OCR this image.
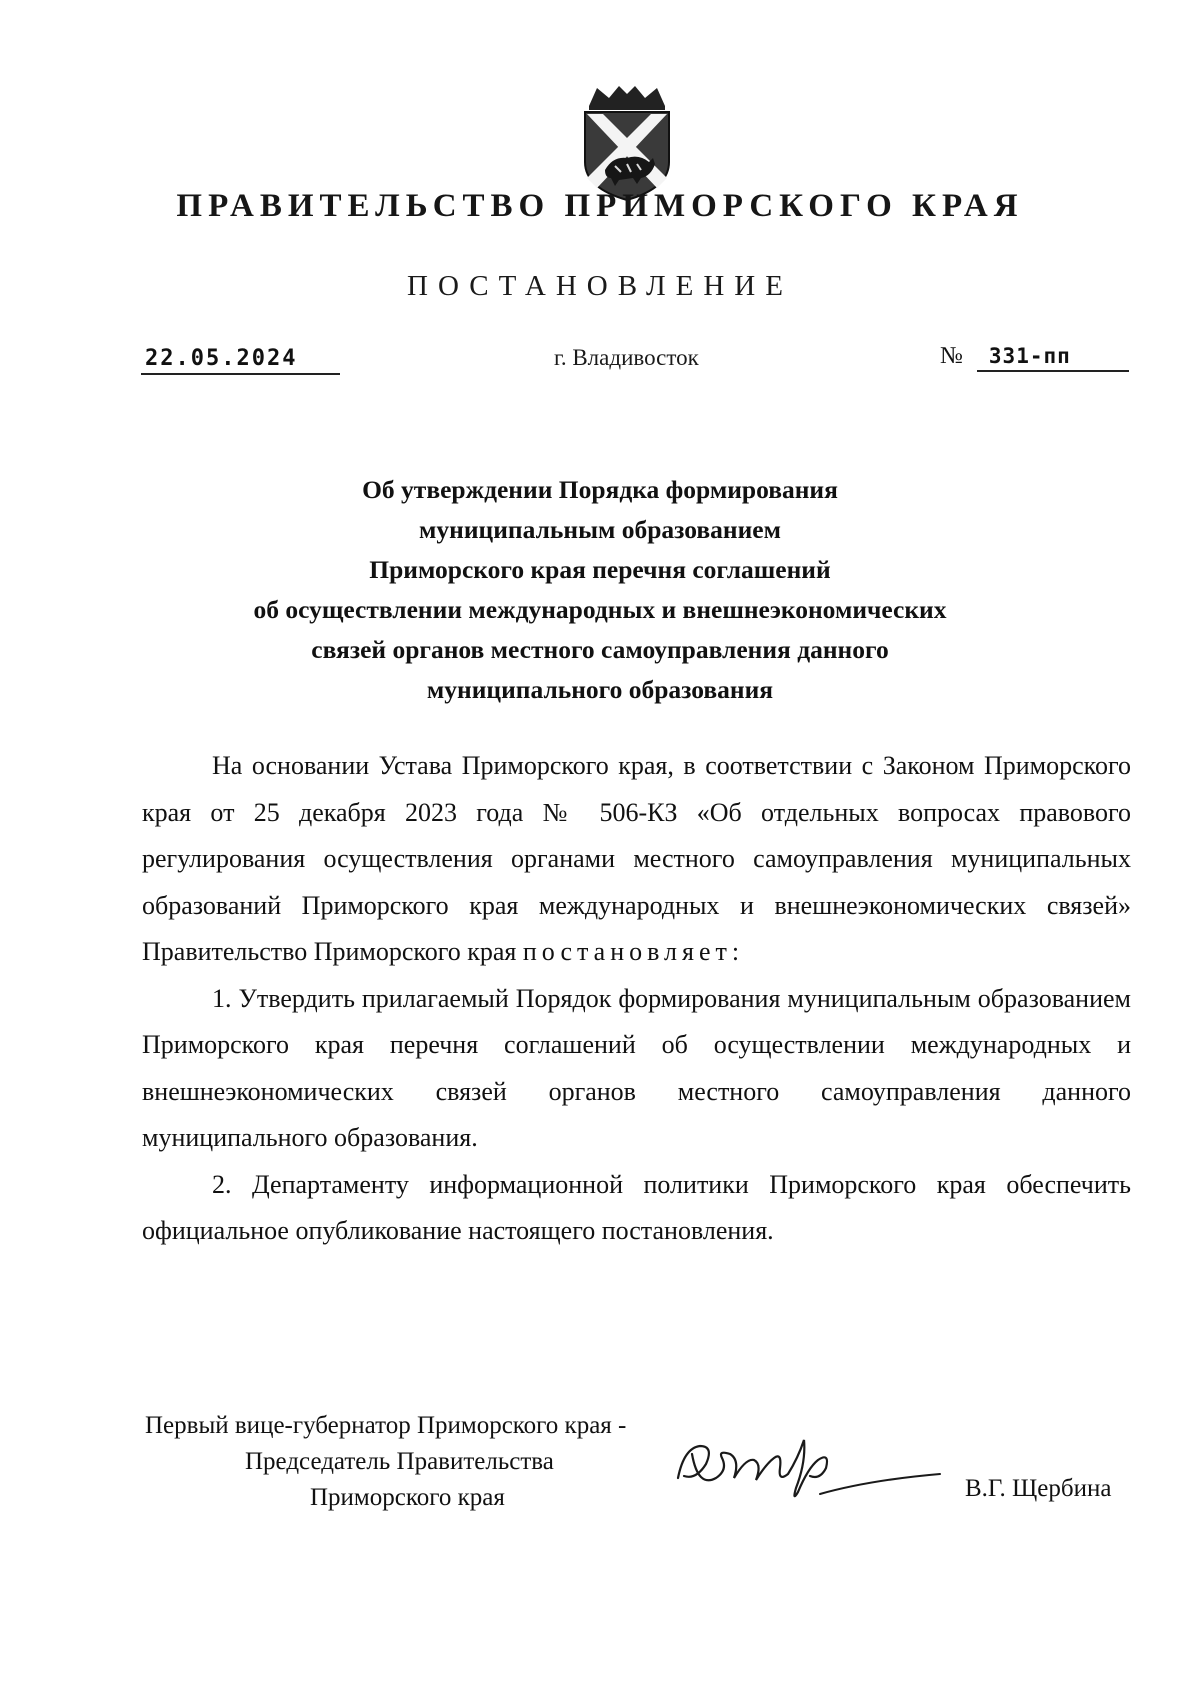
ПРАВИТЕЛЬСТВО ПРИМОРСКОГО КРАЯ
ПОСТАНОВЛЕНИЕ
22.05.2024	г. Владивосток	№ 331-пп
Об утверждении Порядка формирования
муниципальным образованием
Приморского края перечня соглашений
об осуществлении международных и внешнеэкономических
связей органов местного самоуправления данного
муниципального образования

На основании Устава Приморского края, в соответствии с Законом Приморского края от 25 декабря 2023 года № 506-КЗ «Об отдельных вопросах правового регулирования осуществления органами местного самоуправления муниципальных образований Приморского края международных и внешнеэкономических связей» Правительство Приморского края постановляет:

1. Утвердить прилагаемый Порядок формирования муниципальным образованием Приморского края перечня соглашений об осуществлении международных и внешнеэкономических связей органов местного самоуправления данного муниципального образования.

2. Департаменту информационной политики Приморского края обеспечить официальное опубликование настоящего постановления.

Первый вице-губернатор Приморского края -
Председатель Правительства
Приморского края	В.Г. Щербина
